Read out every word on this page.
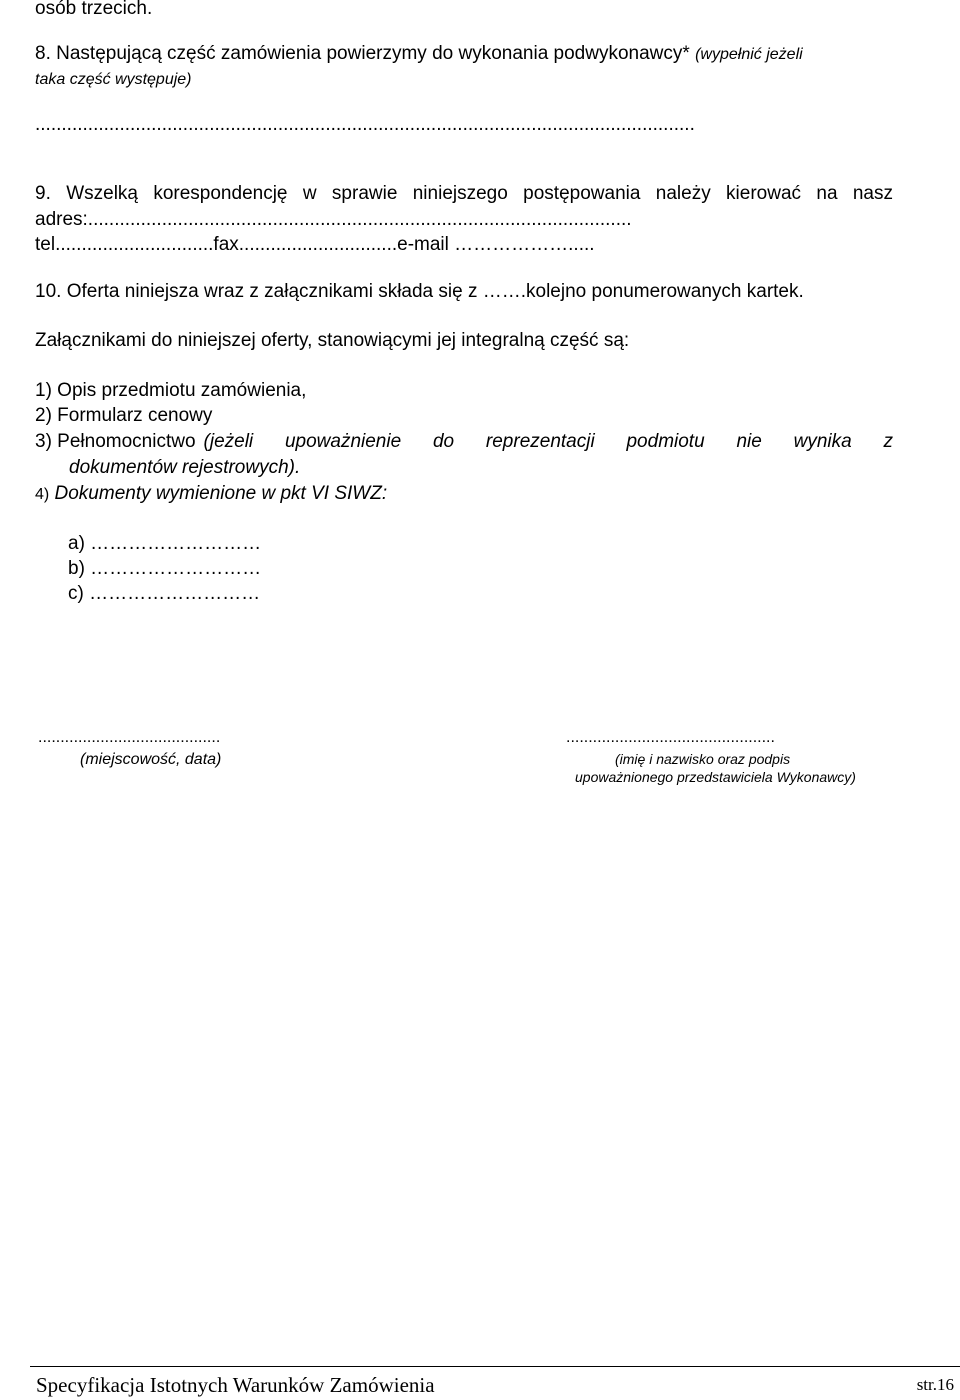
osób trzecich.
8. Następującą część zamówienia powierzymy do wykonania podwykonawcy* (wypełnić jeżeli
taka część występuje)
.............................................................................................................................
9. Wszelką korespondencję w sprawie niniejszego postępowania należy kierować na nasz
adres:.......................................................................................................
tel..............................fax..............................e-mail ……………….....
10. Oferta niniejsza wraz z załącznikami składa się z …….kolejno ponumerowanych kartek.
Załącznikami do niniejszej oferty, stanowiącymi jej integralną część są:
1) Opis przedmiotu zamówienia,
2) Formularz cenowy
3) Pełnomocnictwo (jeżeli upoważnienie do reprezentacji podmiotu nie wynika z
dokumentów rejestrowych).
4) Dokumenty wymienione w pkt VI SIWZ:
a) ………………………
b) ………………………
c) ………………………
.........................................
(miejscowość, data)
...............................................
(imię i nazwisko oraz podpis
upoważnionego przedstawiciela Wykonawcy)
Specyfikacja Istotnych Warunków Zamówienia	str.16
